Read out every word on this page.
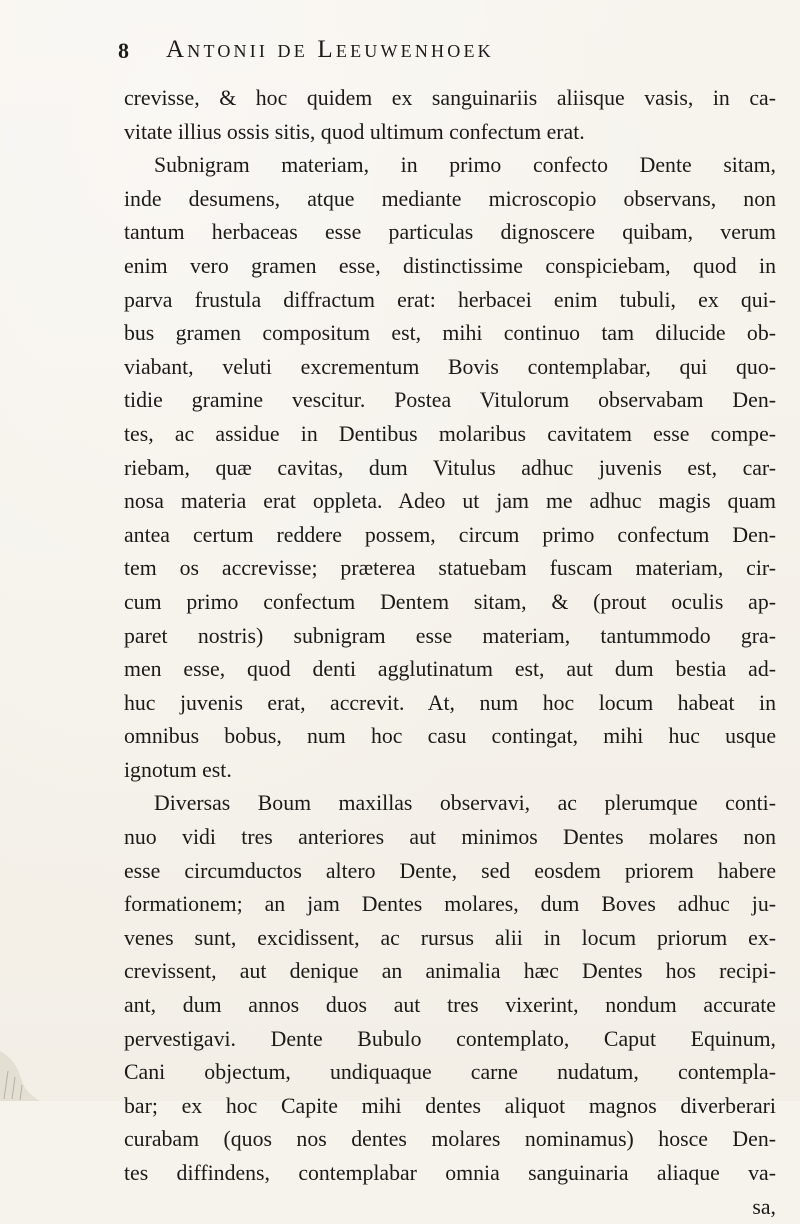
8 Antonii de Leeuwenhoek
crevisse, & hoc quidem ex sanguinariis aliisque vasis, in ca-
vitate illius ossis sitis, quod ultimum confectum erat.
Subnigram materiam, in primo confecto Dente sitam,
inde desumens, atque mediante microscopio observans, non
tantum herbaceas esse particulas dignoscere quibam, verum
enim vero gramen esse, distinctissime conspiciebam, quod in
parva frustula diffractum erat: herbacei enim tubuli, ex qui-
bus gramen compositum est, mihi continuo tam dilucide ob-
viabant, veluti excrementum Bovis contemplabar, qui quo-
tidie gramine vescitur. Postea Vitulorum observabam Den-
tes, ac assidue in Dentibus molaribus cavitatem esse compe-
riebam, quæ cavitas, dum Vitulus adhuc juvenis est, car-
nosa materia erat oppleta. Adeo ut jam me adhuc magis quam
antea certum reddere possem, circum primo confectum Den-
tem os accrevisse; præterea statuebam fuscam materiam, cir-
cum primo confectum Dentem sitam, & (prout oculis ap-
paret nostris) subnigram esse materiam, tantummodo gra-
men esse, quod denti agglutinatum est, aut dum bestia ad-
huc juvenis erat, accrevit. At, num hoc locum habeat in
omnibus bobus, num hoc casu contingat, mihi huc usque
ignotum est.
Diversas Boum maxillas observavi, ac plerumque conti-
nuo vidi tres anteriores aut minimos Dentes molares non
esse circumductos altero Dente, sed eosdem priorem habere
formationem; an jam Dentes molares, dum Boves adhuc ju-
venes sunt, excidissent, ac rursus alii in locum priorum ex-
crevissent, aut denique an animalia hæc Dentes hos recipi-
ant, dum annos duos aut tres vixerint, nondum accurate
pervestigavi. Dente Bubulo contemplato, Caput Equinum,
Cani objectum, undiquaque carne nudatum, contempla-
bar; ex hoc Capite mihi dentes aliquot magnos diverberari
curabam (quos nos dentes molares nominamus) hosce Den-
tes diffindens, contemplabar omnia sanguinaria aliaque va-
sa,
